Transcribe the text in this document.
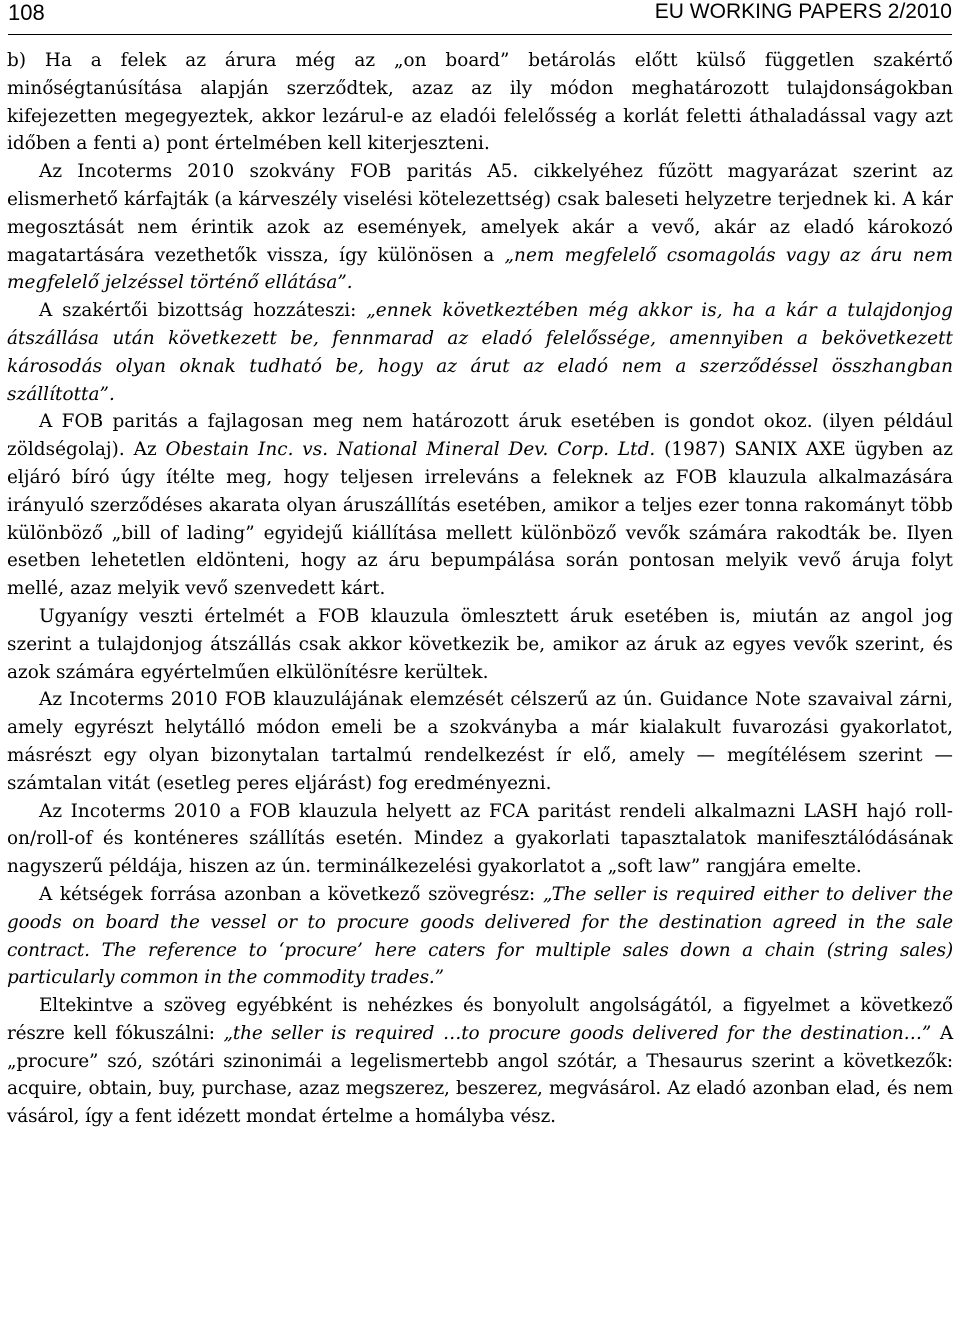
108	EU WORKING PAPERS 2/2010

b) Ha a felek az árura még az „on board” betárolás előtt külső független szakértő minőségtanúsítása alapján szerződtek, azaz az ily módon meghatározott tulajdonságokban kifejezetten megegyeztek, akkor lezárul-e az eladói felelősség a korlát feletti áthaladással vagy azt időben a fenti a) pont értelmében kell kiterjeszteni.

Az Incoterms 2010 szokvány FOB paritás A5. cikkelyéhez fűzött magyarázat szerint az elismerhető kárfajták (a kárveszély viselési kötelezettség) csak baleseti helyzetre terjednek ki. A kár megosztását nem érintik azok az események, amelyek akár a vevő, akár az eladó károkozó magatartására vezethetők vissza, így különösen a „nem megfelelő csomagolás vagy az áru nem megfelelő jelzéssel történő ellátása”.

A szakértői bizottság hozzáteszi: „ennek következtében még akkor is, ha a kár a tulajdonjog átszállása után következett be, fennmarad az eladó felelőssége, amennyiben a bekövetkezett károsodás olyan oknak tudható be, hogy az árut az eladó nem a szerződéssel összhangban szállította”.

A FOB paritás a fajlagosan meg nem határozott áruk esetében is gondot okoz. (ilyen például zöldségolaj). Az Obestain Inc. vs. National Mineral Dev. Corp. Ltd. (1987) SANIX AXE ügyben az eljáró bíró úgy ítélte meg, hogy teljesen irreleváns a feleknek az FOB klauzula alkalmazására irányuló szerződéses akarata olyan áruszállítás esetében, amikor a teljes ezer tonna rakományt több különböző „bill of lading” egyidejű kiállítása mellett különböző vevők számára rakodták be. Ilyen esetben lehetetlen eldönteni, hogy az áru bepumpálása során pontosan melyik vevő áruja folyt mellé, azaz melyik vevő szenvedett kárt.

Ugyanígy veszti értelmét a FOB klauzula ömlesztett áruk esetében is, miután az angol jog szerint a tulajdonjog átszállás csak akkor következik be, amikor az áruk az egyes vevők szerint, és azok számára egyértelműen elkülönítésre kerültek.

Az Incoterms 2010 FOB klauzulájának elemzését célszerű az ún. Guidance Note szavaival zárni, amely egyrészt helytálló módon emeli be a szokványba a már kialakult fuvarozási gyakorlatot, másrészt egy olyan bizonytalan tartalmú rendelkezést ír elő, amely — megítélésem szerint — számtalan vitát (esetleg peres eljárást) fog eredményezni.

Az Incoterms 2010 a FOB klauzula helyett az FCA paritást rendeli alkalmazni LASH hajó roll-on/roll-of és konténeres szállítás esetén. Mindez a gyakorlati tapasztalatok manifesztálódásának nagyszerű példája, hiszen az ún. terminálkezelési gyakorlatot a „soft law” rangjára emelte.

A kétségek forrása azonban a következő szövegrész: „The seller is required either to deliver the goods on board the vessel or to procure goods delivered for the destination agreed in the sale contract. The reference to ‘procure’ here caters for multiple sales down a chain (string sales) particularly common in the commodity trades.”

Eltekintve a szöveg egyébként is nehézkes és bonyolult angolságától, a figyelmet a következő részre kell fókuszálni: „the seller is required …to procure goods delivered for the destination…” A „procure” szó, szótári szinonimái a legelismertebb angol szótár, a Thesaurus szerint a következők: acquire, obtain, buy, purchase, azaz megszerez, beszerez, megvásárol. Az eladó azonban elad, és nem vásárol, így a fent idézett mondat értelme a homályba vész.
